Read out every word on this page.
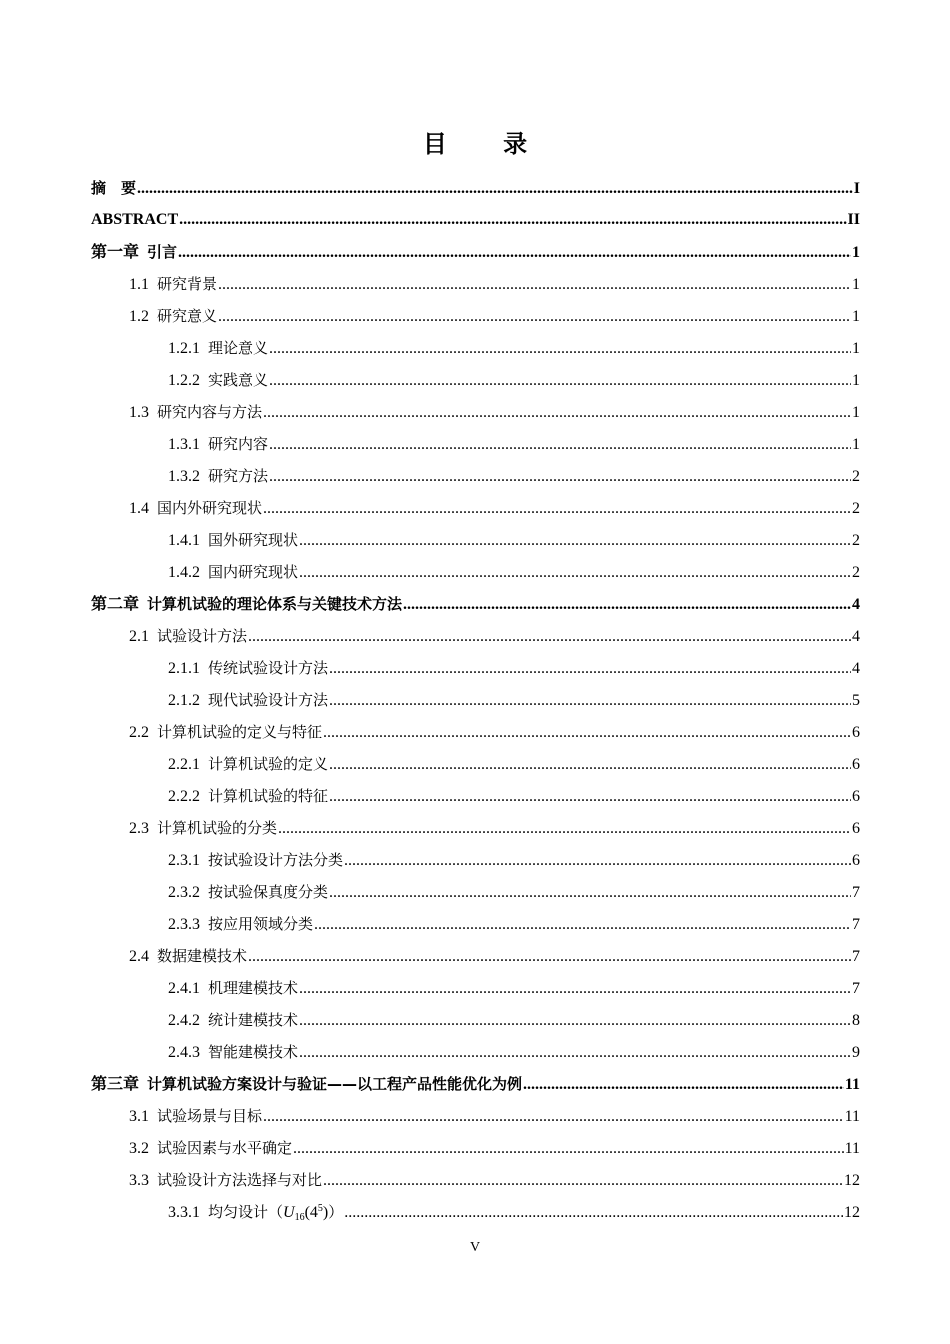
目 录
摘　要 .....	I
ABSTRACT .....	II
第一章 引言 .....	1
1.1 研究背景 .....	1
1.2 研究意义 .....	1
1.2.1 理论意义 .....	1
1.2.2 实践意义 .....	1
1.3 研究内容与方法 .....	1
1.3.1 研究内容 .....	1
1.3.2 研究方法 .....	2
1.4 国内外研究现状 .....	2
1.4.1 国外研究现状 .....	2
1.4.2 国内研究现状 .....	2
第二章 计算机试验的理论体系与关键技术方法 .....	4
2.1 试验设计方法 .....	4
2.1.1 传统试验设计方法 .....	4
2.1.2 现代试验设计方法 .....	5
2.2 计算机试验的定义与特征 .....	6
2.2.1 计算机试验的定义 .....	6
2.2.2 计算机试验的特征 .....	6
2.3 计算机试验的分类 .....	6
2.3.1 按试验设计方法分类 .....	6
2.3.2 按试验保真度分类 .....	7
2.3.3 按应用领域分类 .....	7
2.4 数据建模技术 .....	7
2.4.1 机理建模技术 .....	7
2.4.2 统计建模技术 .....	8
2.4.3 智能建模技术 .....	9
第三章 计算机试验方案设计与验证——以工程产品性能优化为例 .....	11
3.1 试验场景与目标 .....	11
3.2 试验因素与水平确定 .....	11
3.3 试验设计方法选择与对比 .....	12
3.3.1 均匀设计$(U_{16}(4^5))$ .....	12
V
